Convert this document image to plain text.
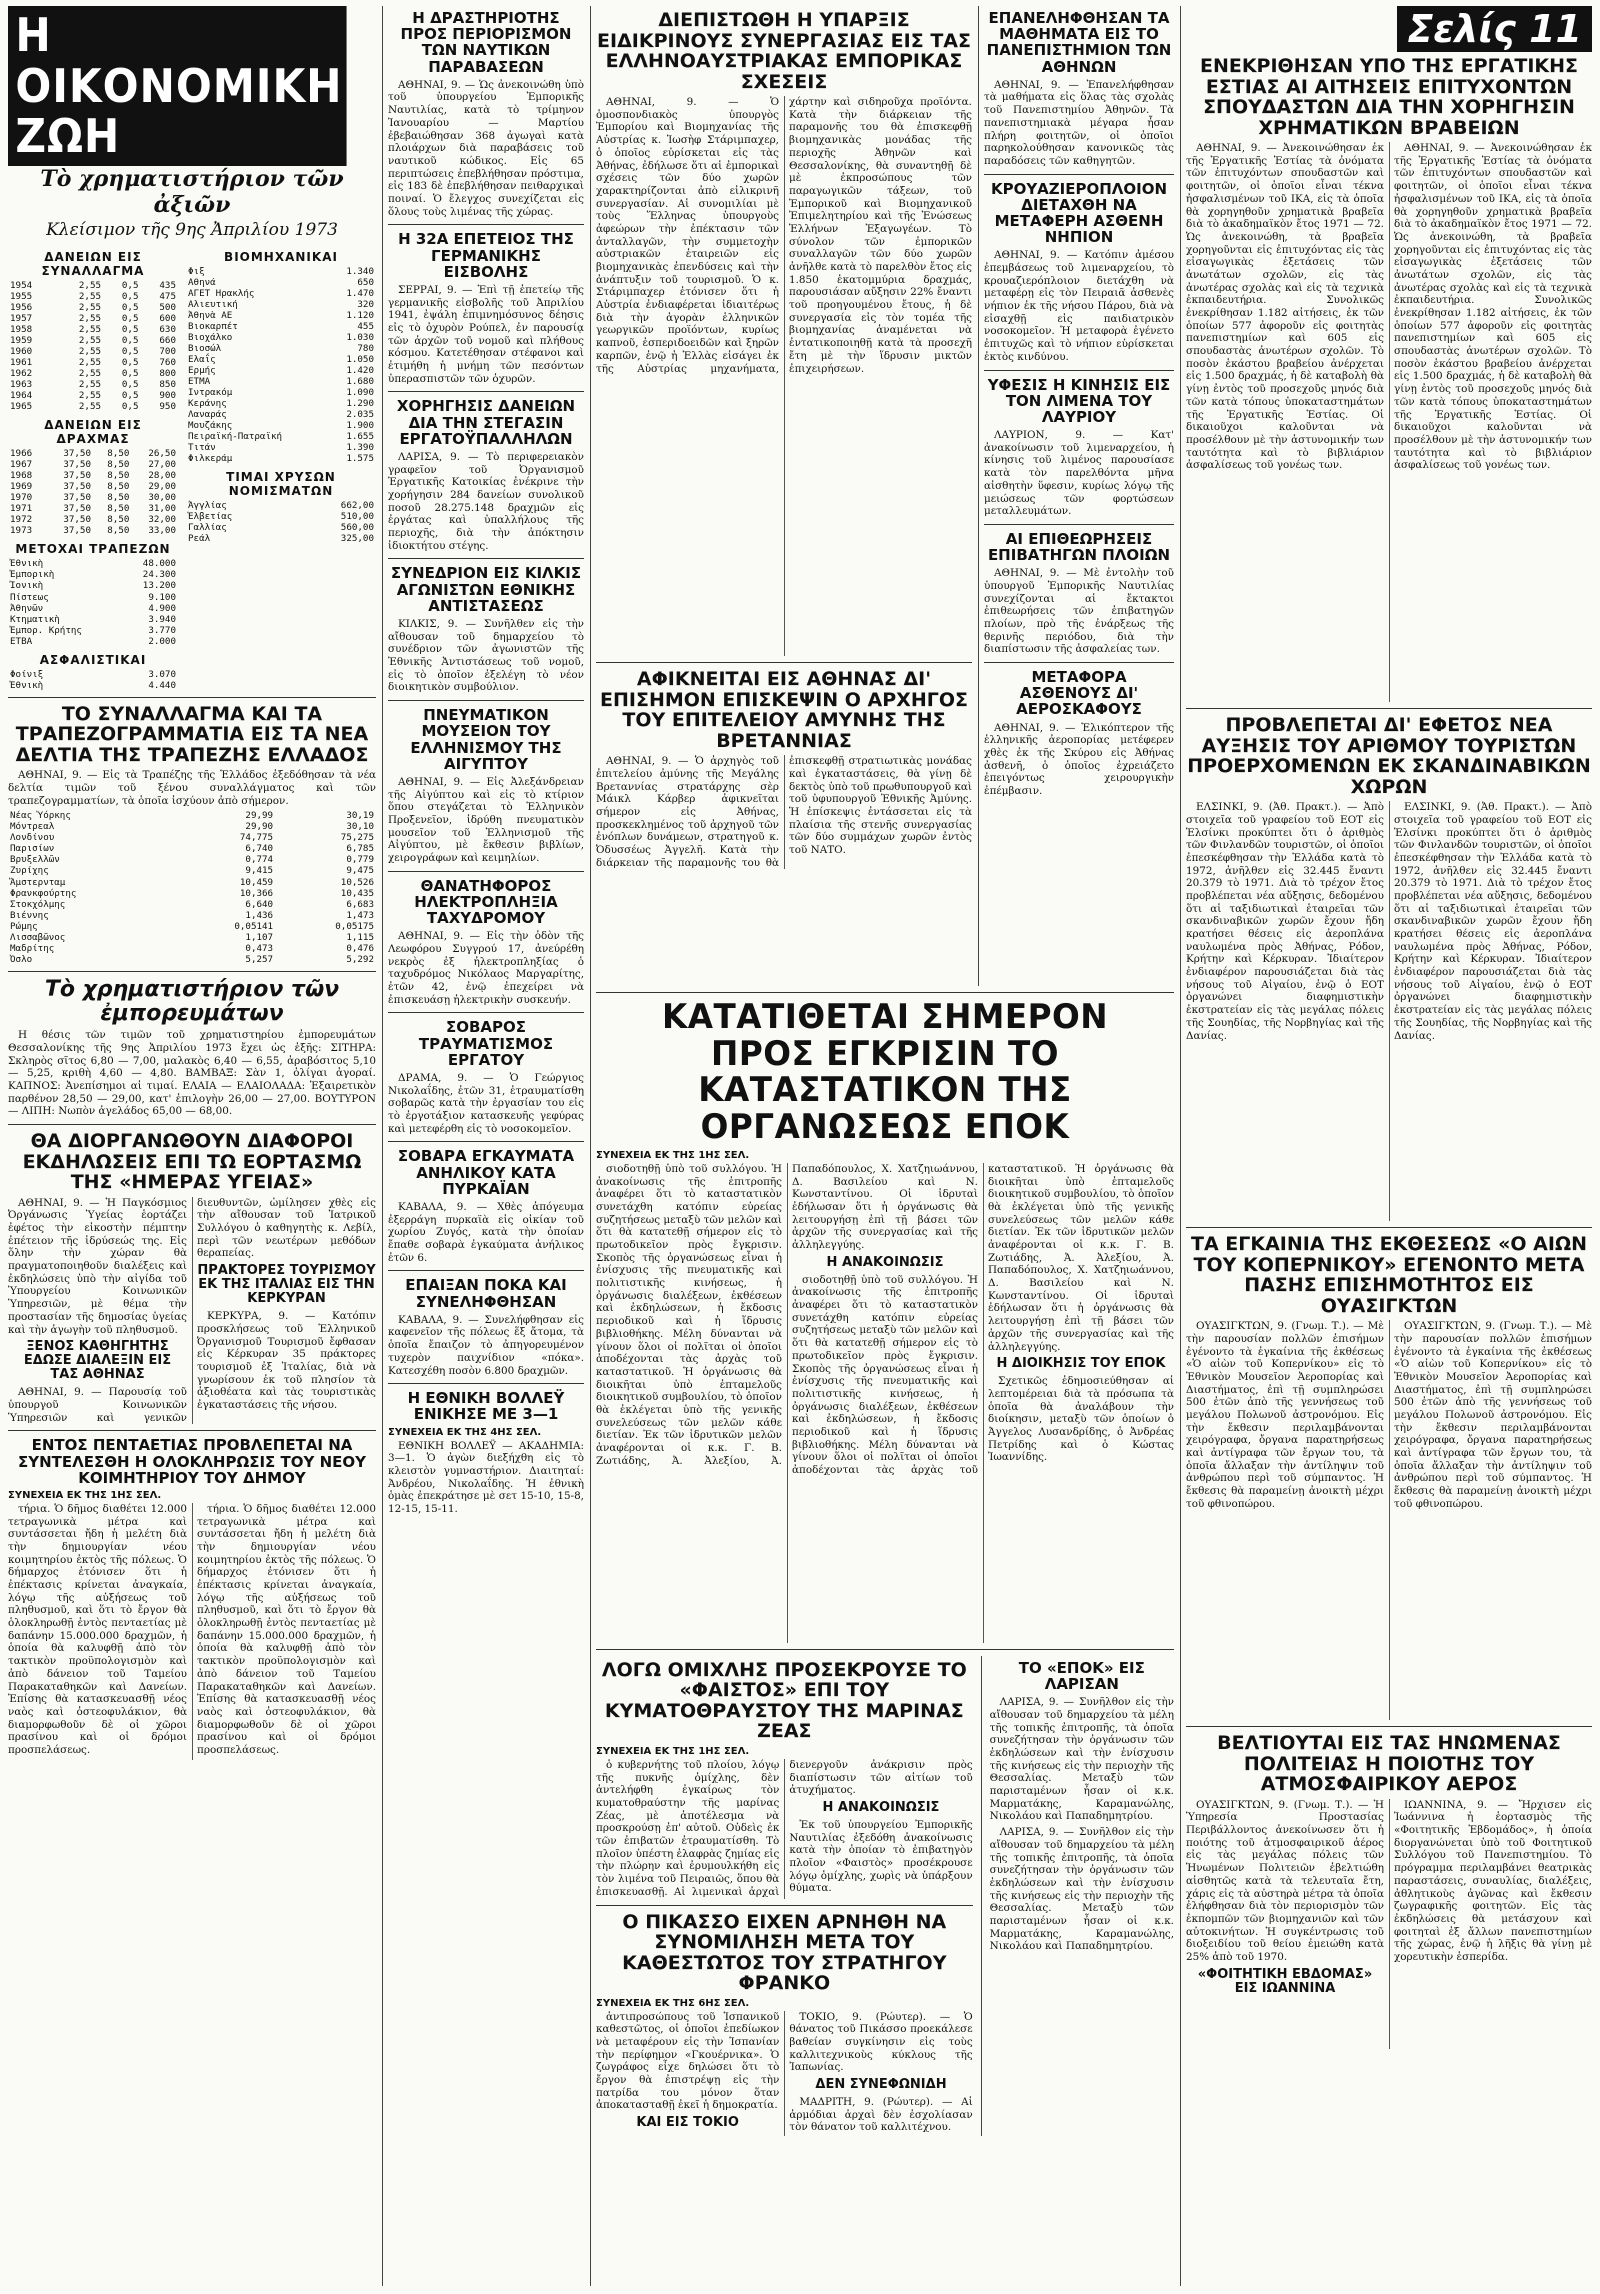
Η ΟΙΚΟΝΟΜΙΚΗ ΖΩΗ
Τὸ χρηματιστήριον τῶν ἀξιῶν
Κλείσιμον τῆς 9ης Ἀπριλίου 1973
ΔΑΝΕΙΩΝ ΕΙΣ ΣΥΝΑΛΛΑΓΜΑ
1954	2,55	0,5	435
1955	2,55	0,5	475
1956	2,55	0,5	500
1957	2,55	0,5	600
1958	2,55	0,5	630
1959	2,55	0,5	660
1960	2,55	0,5	700
1961	2,55	0,5	760
1962	2,55	0,5	800
1963	2,55	0,5	850
1964	2,55	0,5	900
1965	2,55	0,5	950
ΔΑΝΕΙΩΝ ΕΙΣ ΔΡΑΧΜΑΣ
1966	37,50	8,50	26,50
1967	37,50	8,50	27,00
1968	37,50	8,50	28,00
1969	37,50	8,50	29,00
1970	37,50	8,50	30,00
1971	37,50	8,50	31,00
1972	37,50	8,50	32,00
1973	37,50	8,50	33,00
ΜΕΤΟΧΑΙ ΤΡΑΠΕΖΩΝ
Ἐθνικὴ	48.000
Ἐμπορικὴ	24.300
Ἰονικὴ	13.200
Πίστεως	9.100
Ἀθηνῶν	4.900
Κτηματικὴ	3.940
Ἐμπορ. Κρήτης	3.770
ΕΤΒΑ	2.000
ΑΣΦΑΛΙΣΤΙΚΑΙ
Φοίνιξ	3.070
Ἐθνικὴ	4.440
ΒΙΟΜΗΧΑΝΙΚΑΙ
Φιξ	1.340
Αθηνά	650
ΑΓΕΤ Ηρακλής	1.470
Αλιευτική	320
Ἀθηνὰ ΑΕ	1.120
Βιοκαρπέτ	455
Βιοχάλκο	1.030
Βιοσώλ	780
Ελαΐς	1.050
Ερμής	1.420
ΕΤΜΑ	1.680
Ιντρακόμ	1.090
Κεράνης	1.290
Λαναράς	2.035
Μουζάκης	1.900
Πειραϊκή-Πατραϊκή	1.655
Τιτάν	1.390
Φιλκεράμ	1.575
ΤΙΜΑΙ ΧΡΥΣΩΝ ΝΟΜΙΣΜΑΤΩΝ
Ἀγγλίας	662,00
Ἑλβετίας	510,00
Γαλλίας	560,00
Ρεάλ	325,00
ΤΟ ΣΥΝΑΛΛΑΓΜΑ ΚΑΙ ΤΑ ΤΡΑΠΕΖΟΓΡΑΜΜΑΤΙΑ ΕΙΣ ΤΑ ΝΕΑ ΔΕΛΤΙΑ ΤΗΣ ΤΡΑΠΕΖΗΣ ΕΛΛΑΔΟΣ

ΑΘΗΝΑΙ, 9. — Εἰς τὰ Τραπέζης τῆς Ἑλλάδος ἐξεδόθησαν τὰ νέα δελτία τιμῶν τοῦ ξένου συναλλάγματος καὶ τῶν τραπεζογραμματίων, τὰ ὁποῖα ἰσχύουν ἀπὸ σήμερον.

Νέας Ὑόρκης	29,99	30,19
Μόντρεαλ	29,90	30,10
Λονδίνου	74,775	75,275
Παρισίων	6,740	6,785
Βρυξελλῶν	0,774	0,779
Ζυρίχης	9,415	9,475
Ἄμστερνταμ	10,459	10,526
Φρανκφούρτης	10,366	10,435
Στοκχόλμης	6,640	6,683
Βιέννης	1,436	1,473
Ρώμης	0,05141	0,05175
Λισσαβῶνος	1,107	1,115
Μαδρίτης	0,473	0,476
Ὀσλο	5,257	5,292
Τὸ χρηματιστήριον τῶν ἐμπορευμάτων

Η θέσις τῶν τιμῶν τοῦ χρηματιστηρίου ἐμπορευμάτων Θεσσαλονίκης τῆς 9ης Ἀπριλίου 1973 ἔχει ὡς ἑξῆς: ΣΙΤΗΡΑ: Σκληρὸς σῖτος 6,80 — 7,00, μαλακὸς 6,40 — 6,55, ἀραβόσιτος 5,10 — 5,25, κριθὴ 4,60 — 4,80. ΒΑΜΒΑΞ: Σὰν 1, ὀλίγαι ἀγοραί. ΚΑΠΝΟΣ: Ἀνεπίσημοι αἱ τιμαί. ΕΛΑΙΑ — ΕΛΑΙΟΛΑΔΑ: Ἐξαιρετικὸν παρθένον 28,50 — 29,00, κατ' ἐπιλογὴν 26,00 — 27,00. ΒΟΥΤΥΡΟΝ — ΛΙΠΗ: Νωπὸν ἀγελάδος 65,00 — 68,00.

ΘΑ ΔΙΟΡΓΑΝΩΘΟΥΝ ΔΙΑΦΟΡΟΙ ΕΚΔΗΛΩΣΕΙΣ ΕΠΙ ΤΩ ΕΟΡΤΑΣΜΩ ΤΗΣ «ΗΜΕΡΑΣ ΥΓΕΙΑΣ»

ΑΘΗΝΑΙ, 9. — Ἡ Παγκόσμιος Ὀργάνωσις Ὑγείας ἑορτάζει ἐφέτος τὴν εἰκοστὴν πέμπτην ἐπέτειον τῆς ἱδρύσεώς της. Εἰς ὅλην τὴν χώραν θὰ πραγματοποιηθοῦν διαλέξεις καὶ ἐκδηλώσεις ὑπὸ τὴν αἰγίδα τοῦ Ὑπουργείου Κοινωνικῶν Ὑπηρεσιῶν, μὲ θέμα τὴν προστασίαν τῆς δημοσίας ὑγείας καὶ τὴν ἀγωγὴν τοῦ πληθυσμοῦ.

ΞΕΝΟΣ ΚΑΘΗΓΗΤΗΣ ΕΔΩΣΕ ΔΙΑΛΕΞΙΝ ΕΙΣ ΤΑΣ ΑΘΗΝΑΣ

ΑΘΗΝΑΙ, 9. — Παρουσίᾳ τοῦ ὑπουργοῦ Κοινωνικῶν Ὑπηρεσιῶν καὶ γενικῶν διευθυντῶν, ὡμίλησεν χθὲς εἰς τὴν αἴθουσαν τοῦ Ἰατρικοῦ Συλλόγου ὁ καθηγητὴς κ. Λεβίλ, περὶ τῶν νεωτέρων μεθόδων θεραπείας.

ΠΡΑΚΤΟΡΕΣ ΤΟΥΡΙΣΜΟΥ ΕΚ ΤΗΣ ΙΤΑΛΙΑΣ ΕΙΣ ΤΗΝ ΚΕΡΚΥΡΑΝ

ΚΕΡΚΥΡΑ, 9. — Κατόπιν προσκλήσεως τοῦ Ἑλληνικοῦ Ὀργανισμοῦ Τουρισμοῦ ἔφθασαν εἰς Κέρκυραν 35 πράκτορες τουρισμοῦ ἐξ Ἰταλίας, διὰ νὰ γνωρίσουν ἐκ τοῦ πλησίον τὰ ἀξιοθέατα καὶ τὰς τουριστικὰς ἐγκαταστάσεις τῆς νήσου.

ΕΝΤΟΣ ΠΕΝΤΑΕΤΙΑΣ ΠΡΟΒΛΕΠΕΤΑΙ ΝΑ ΣΥΝΤΕΛΕΣΘΗ Η ΟΛΟΚΛΗΡΩΣΙΣ ΤΟΥ ΝΕΟΥ ΚΟΙΜΗΤΗΡΙΟΥ ΤΟΥ ΔΗΜΟΥ
ΣΥΝΕΧΕΙΑ ΕΚ ΤΗΣ 1ΗΣ ΣΕΛ.

τήρια. Ὁ δῆμος διαθέτει 12.000 τετραγωνικὰ μέτρα καὶ συντάσσεται ἤδη ἡ μελέτη διὰ τὴν δημιουργίαν νέου κοιμητηρίου ἐκτὸς τῆς πόλεως. Ὁ δήμαρχος ἐτόνισεν ὅτι ἡ ἐπέκτασις κρίνεται ἀναγκαία, λόγῳ τῆς αὐξήσεως τοῦ πληθυσμοῦ, καὶ ὅτι τὸ ἔργον θὰ ὁλοκληρωθῇ ἐντὸς πενταετίας μὲ δαπάνην 15.000.000 δραχμῶν, ἡ ὁποία θὰ καλυφθῇ ἀπὸ τὸν τακτικὸν προϋπολογισμὸν καὶ ἀπὸ δάνειον τοῦ Ταμείου Παρακαταθηκῶν καὶ Δανείων. Ἐπίσης θὰ κατασκευασθῇ νέος ναὸς καὶ ὀστεοφυλάκιον, θὰ διαμορφωθοῦν δὲ οἱ χῶροι πρασίνου καὶ οἱ δρόμοι προσπελάσεως.

τήρια. Ὁ δῆμος διαθέτει 12.000 τετραγωνικὰ μέτρα καὶ συντάσσεται ἤδη ἡ μελέτη διὰ τὴν δημιουργίαν νέου κοιμητηρίου ἐκτὸς τῆς πόλεως. Ὁ δήμαρχος ἐτόνισεν ὅτι ἡ ἐπέκτασις κρίνεται ἀναγκαία, λόγῳ τῆς αὐξήσεως τοῦ πληθυσμοῦ, καὶ ὅτι τὸ ἔργον θὰ ὁλοκληρωθῇ ἐντὸς πενταετίας μὲ δαπάνην 15.000.000 δραχμῶν, ἡ ὁποία θὰ καλυφθῇ ἀπὸ τὸν τακτικὸν προϋπολογισμὸν καὶ ἀπὸ δάνειον τοῦ Ταμείου Παρακαταθηκῶν καὶ Δανείων. Ἐπίσης θὰ κατασκευασθῇ νέος ναὸς καὶ ὀστεοφυλάκιον, θὰ διαμορφωθοῦν δὲ οἱ χῶροι πρασίνου καὶ οἱ δρόμοι προσπελάσεως.

Η ΔΡΑΣΤΗΡΙΟΤΗΣ ΠΡΟΣ ΠΕΡΙΟΡΙΣΜΟΝ ΤΩΝ ΝΑΥΤΙΚΩΝ ΠΑΡΑΒΑΣΕΩΝ

ΑΘΗΝΑΙ, 9. — Ὡς ἀνεκοινώθη ὑπὸ τοῦ ὑπουργείου Ἐμπορικῆς Ναυτιλίας, κατὰ τὸ τρίμηνον Ἰανουαρίου — Μαρτίου ἐβεβαιώθησαν 368 ἀγωγαὶ κατὰ πλοιάρχων διὰ παραβάσεις τοῦ ναυτικοῦ κώδικος. Εἰς 65 περιπτώσεις ἐπεβλήθησαν πρόστιμα, εἰς 183 δὲ ἐπεβλήθησαν πειθαρχικαὶ ποιναί. Ὁ ἔλεγχος συνεχίζεται εἰς ὅλους τοὺς λιμένας τῆς χώρας.

Η 32Α ΕΠΕΤΕΙΟΣ ΤΗΣ ΓΕΡΜΑΝΙΚΗΣ ΕΙΣΒΟΛΗΣ

ΣΕΡΡΑΙ, 9. — Ἐπὶ τῇ ἐπετείῳ τῆς γερμανικῆς εἰσβολῆς τοῦ Ἀπριλίου 1941, ἐψάλη ἐπιμνημόσυνος δέησις εἰς τὸ ὀχυρὸν Ρούπελ, ἐν παρουσίᾳ τῶν ἀρχῶν τοῦ νομοῦ καὶ πλήθους κόσμου. Κατετέθησαν στέφανοι καὶ ἐτιμήθη ἡ μνήμη τῶν πεσόντων ὑπερασπιστῶν τῶν ὀχυρῶν.

ΧΟΡΗΓΗΣΙΣ ΔΑΝΕΙΩΝ ΔΙΑ ΤΗΝ ΣΤΕΓΑΣΙΝ ΕΡΓΑΤΟΫΠΑΛΛΗΛΩΝ

ΛΑΡΙΣΑ, 9. — Τὸ περιφερειακὸν γραφεῖον τοῦ Ὀργανισμοῦ Ἐργατικῆς Κατοικίας ἐνέκρινε τὴν χορήγησιν 284 δανείων συνολικοῦ ποσοῦ 28.275.148 δραχμῶν εἰς ἐργάτας καὶ ὑπαλλήλους τῆς περιοχῆς, διὰ τὴν ἀπόκτησιν ἰδιοκτήτου στέγης.

ΣΥΝΕΔΡΙΟΝ ΕΙΣ ΚΙΛΚΙΣ ΑΓΩΝΙΣΤΩΝ ΕΘΝΙΚΗΣ ΑΝΤΙΣΤΑΣΕΩΣ

ΚΙΛΚΙΣ, 9. — Συνῆλθεν εἰς τὴν αἴθουσαν τοῦ δημαρχείου τὸ συνέδριον τῶν ἀγωνιστῶν τῆς Ἐθνικῆς Ἀντιστάσεως τοῦ νομοῦ, εἰς τὸ ὁποῖον ἐξελέγη τὸ νέον διοικητικὸν συμβούλιον.

ΠΝΕΥΜΑΤΙΚΟΝ ΜΟΥΣΕΙΟΝ ΤΟΥ ΕΛΛΗΝΙΣΜΟΥ ΤΗΣ ΑΙΓΥΠΤΟΥ

ΑΘΗΝΑΙ, 9. — Εἰς Ἀλεξάνδρειαν τῆς Αἰγύπτου καὶ εἰς τὸ κτίριον ὅπου στεγάζεται τὸ Ἑλληνικὸν Προξενεῖον, ἱδρύθη πνευματικὸν μουσεῖον τοῦ Ἑλληνισμοῦ τῆς Αἰγύπτου, μὲ ἔκθεσιν βιβλίων, χειρογράφων καὶ κειμηλίων.

ΘΑΝΑΤΗΦΟΡΟΣ ΗΛΕΚΤΡΟΠΛΗΞΙΑ ΤΑΧΥΔΡΟΜΟΥ

ΑΘΗΝΑΙ, 9. — Εἰς τὴν ὁδὸν τῆς Λεωφόρου Συγγρού 17, ἀνεύρέθη νεκρὸς ἐξ ἠλεκτροπληξίας ὁ ταχυδρόμος Νικόλαος Μαργαρίτης, ἐτῶν 42, ἐνῷ ἐπεχείρει νὰ ἐπισκευάσῃ ἠλεκτρικὴν συσκευήν.

ΣΟΒΑΡΟΣ ΤΡΑΥΜΑΤΙΣΜΟΣ ΕΡΓΑΤΟΥ

ΔΡΑΜΑ, 9. — Ὁ Γεώργιος Νικολαΐδης, ἐτῶν 31, ἐτραυματίσθη σοβαρῶς κατὰ τὴν ἐργασίαν του εἰς τὸ ἐργοτάξιον κατασκευῆς γεφύρας καὶ μετεφέρθη εἰς τὸ νοσοκομεῖον.

ΣΟΒΑΡΑ ΕΓΚΑΥΜΑΤΑ ΑΝΗΛΙΚΟΥ ΚΑΤΑ ΠΥΡΚΑΪΑΝ

ΚΑΒΑΛΑ, 9. — Χθὲς ἀπόγευμα ἐξερράγη πυρκαϊὰ εἰς οἰκίαν τοῦ χωρίου Ζυγός, κατὰ τὴν ὁποίαν ἔπαθε σοβαρὰ ἐγκαύματα ἀνήλικος ἐτῶν 6.

ΕΠΑΙΞΑΝ ΠΟΚΑ ΚΑΙ ΣΥΝΕΛΗΦΘΗΣΑΝ

ΚΑΒΑΛΑ, 9. — Συνελήφθησαν εἰς καφενεῖον τῆς πόλεως ἕξ ἄτομα, τὰ ὁποῖα ἔπαιζον τὸ ἀπηγορευμένον τυχερὸν παιχνίδιον «πόκα». Κατεσχέθη ποσὸν 6.800 δραχμῶν.

Η ΕΘΝΙΚΗ ΒΟΛΛΕΫ ΕΝΙΚΗΣΕ ΜΕ 3—1
ΣΥΝΕΧΕΙΑ ΕΚ ΤΗΣ 4ΗΣ ΣΕΛ.

ΕΘΝΙΚΗ ΒΟΛΛΕΫ — ΑΚΑΔΗΜΙΑ: 3—1. Ὁ ἀγὼν διεξήχθη εἰς τὸ κλειστὸν γυμναστήριον. Διαιτηταί: Ἀνδρέου, Νικολαΐδης. Ἡ ἐθνικὴ ὁμὰς ἐπεκράτησε μὲ σετ 15-10, 15-8, 12-15, 15-11.

ΔΙΕΠΙΣΤΩΘΗ Η ΥΠΑΡΞΙΣ ΕΙΔΙΚΡΙΝΟΥΣ ΣΥΝΕΡΓΑΣΙΑΣ ΕΙΣ ΤΑΣ ΕΛΛΗΝΟΑΥΣΤΡΙΑΚΑΣ ΕΜΠΟΡΙΚΑΣ ΣΧΕΣΕΙΣ

ΑΘΗΝΑΙ, 9. — Ὁ ὁμοσπονδιακὸς ὑπουργὸς Ἐμπορίου καὶ Βιομηχανίας τῆς Αὐστρίας κ. Ἰωσὴφ Στάριμπαχερ, ὁ ὁποῖος εὑρίσκεται εἰς τὰς Ἀθήνας, ἐδήλωσε ὅτι αἱ ἐμπορικαὶ σχέσεις τῶν δύο χωρῶν χαρακτηρίζονται ἀπὸ εἰλικρινῆ συνεργασίαν. Αἱ συνομιλίαι μὲ τοὺς Ἕλληνας ὑπουργοὺς ἀφεώρων τὴν ἐπέκτασιν τῶν ἀνταλλαγῶν, τὴν συμμετοχὴν αὐστριακῶν ἑταιρειῶν εἰς βιομηχανικὰς ἐπενδύσεις καὶ τὴν ἀνάπτυξιν τοῦ τουρισμοῦ. Ὁ κ. Στάριμπαχερ ἐτόνισεν ὅτι ἡ Αὐστρία ἐνδιαφέρεται ἰδιαιτέρως διὰ τὴν ἀγορὰν ἑλληνικῶν γεωργικῶν προϊόντων, κυρίως καπνοῦ, ἐσπεριδοειδῶν καὶ ξηρῶν καρπῶν, ἐνῷ ἡ Ἑλλὰς εἰσάγει ἐκ τῆς Αὐστρίας μηχανήματα, χάρτην καὶ σιδηροῦχα προϊόντα. Κατὰ τὴν διάρκειαν τῆς παραμονῆς του θὰ ἐπισκεφθῇ βιομηχανικὰς μονάδας τῆς περιοχῆς Ἀθηνῶν καὶ Θεσσαλονίκης, θὰ συναντηθῇ δὲ μὲ ἐκπροσώπους τῶν παραγωγικῶν τάξεων, τοῦ Ἐμπορικοῦ καὶ Βιομηχανικοῦ Ἐπιμελητηρίου καὶ τῆς Ἐνώσεως Ἑλλήνων Ἐξαγωγέων. Τὸ σύνολον τῶν ἐμπορικῶν συναλλαγῶν τῶν δύο χωρῶν ἀνῆλθε κατὰ τὸ παρελθὸν ἔτος εἰς 1.850 ἑκατομμύρια δραχμάς, παρουσιάσαν αὔξησιν 22% ἔναντι τοῦ προηγουμένου ἔτους, ἡ δὲ συνεργασία εἰς τὸν τομέα τῆς βιομηχανίας ἀναμένεται νὰ ἐντατικοποιηθῇ κατὰ τὰ προσεχῆ ἔτη μὲ τὴν ἵδρυσιν μικτῶν ἐπιχειρήσεων.

ΑΦΙΚΝΕΙΤΑΙ ΕΙΣ ΑΘΗΝΑΣ ΔΙ' ΕΠΙΣΗΜΟΝ ΕΠΙΣΚΕΨΙΝ Ο ΑΡΧΗΓΟΣ ΤΟΥ ΕΠΙΤΕΛΕΙΟΥ ΑΜΥΝΗΣ ΤΗΣ ΒΡΕΤΑΝΝΙΑΣ

ΑΘΗΝΑΙ, 9. — Ὁ ἀρχηγὸς τοῦ ἐπιτελείου ἀμύνης τῆς Μεγάλης Βρεταννίας στρατάρχης σὲρ Μάικλ Κάρβερ ἀφικνεῖται σήμερον εἰς Ἀθήνας, προσκεκλημένος τοῦ ἀρχηγοῦ τῶν ἐνόπλων δυνάμεων, στρατηγοῦ κ. Ὀδυσσέως Ἀγγελῆ. Κατὰ τὴν διάρκειαν τῆς παραμονῆς του θὰ ἐπισκεφθῇ στρατιωτικὰς μονάδας καὶ ἐγκαταστάσεις, θὰ γίνῃ δὲ δεκτὸς ὑπὸ τοῦ πρωθυπουργοῦ καὶ τοῦ ὑφυπουργοῦ Ἐθνικῆς Ἀμύνης. Ἡ ἐπίσκεψις ἐντάσσεται εἰς τὰ πλαίσια τῆς στενῆς συνεργασίας τῶν δύο συμμάχων χωρῶν ἐντὸς τοῦ ΝΑΤΟ.

ΕΠΑΝΕΛΗΦΘΗΣΑΝ ΤΑ ΜΑΘΗΜΑΤΑ ΕΙΣ ΤΟ ΠΑΝΕΠΙΣΤΗΜΙΟΝ ΤΩΝ ΑΘΗΝΩΝ

ΑΘΗΝΑΙ, 9. — Ἐπανελήφθησαν τὰ μαθήματα εἰς ὅλας τὰς σχολὰς τοῦ Πανεπιστημίου Ἀθηνῶν. Τὰ πανεπιστημιακὰ μέγαρα ἦσαν πλήρη φοιτητῶν, οἱ ὁποῖοι παρηκολούθησαν κανονικῶς τὰς παραδόσεις τῶν καθηγητῶν.

ΚΡΟΥΑΖΙΕΡΟΠΛΟΙΟΝ ΔΙΕΤΑΧΘΗ ΝΑ ΜΕΤΑΦΕΡΗ ΑΣΘΕΝΗ ΝΗΠΙΟΝ

ΑΘΗΝΑΙ, 9. — Κατόπιν ἀμέσου ἐπεμβάσεως τοῦ λιμεναρχείου, τὸ κρουαζιερόπλοιον διετάχθη νὰ μεταφέρῃ εἰς τὸν Πειραιᾶ ἀσθενὲς νήπιον ἐκ τῆς νήσου Πάρου, διὰ νὰ εἰσαχθῇ εἰς παιδιατρικὸν νοσοκομεῖον. Ἡ μεταφορὰ ἐγένετο ἐπιτυχῶς καὶ τὸ νήπιον εὑρίσκεται ἐκτὸς κινδύνου.

ΥΦΕΣΙΣ Η ΚΙΝΗΣΙΣ ΕΙΣ ΤΟΝ ΛΙΜΕΝΑ ΤΟΥ ΛΑΥΡΙΟΥ

ΛΑΥΡΙΟΝ, 9. — Κατ' ἀνακοίνωσιν τοῦ λιμεναρχείου, ἡ κίνησις τοῦ λιμένος παρουσίασε κατὰ τὸν παρελθόντα μῆνα αἰσθητὴν ὕφεσιν, κυρίως λόγῳ τῆς μειώσεως τῶν φορτώσεων μεταλλευμάτων.

ΑΙ ΕΠΙΘΕΩΡΗΣΕΙΣ ΕΠΙΒΑΤΗΓΩΝ ΠΛΟΙΩΝ

ΑΘΗΝΑΙ, 9. — Μὲ ἐντολὴν τοῦ ὑπουργοῦ Ἐμπορικῆς Ναυτιλίας συνεχίζονται αἱ ἔκτακτοι ἐπιθεωρήσεις τῶν ἐπιβατηγῶν πλοίων, πρὸ τῆς ἐνάρξεως τῆς θερινῆς περιόδου, διὰ τὴν διαπίστωσιν τῆς ἀσφαλείας των.

ΜΕΤΑΦΟΡΑ ΑΣΘΕΝΟΥΣ ΔΙ' ΑΕΡΟΣΚΑΦΟΥΣ

ΑΘΗΝΑΙ, 9. — Ἑλικόπτερον τῆς ἑλληνικῆς ἀεροπορίας μετέφερεν χθὲς ἐκ τῆς Σκύρου εἰς Ἀθήνας ἀσθενῆ, ὁ ὁποῖος ἐχρειάζετο ἐπειγόντως χειρουργικὴν ἐπέμβασιν.

ΚΑΤΑΤΙΘΕΤΑΙ ΣΗΜΕΡΟΝ ΠΡΟΣ ΕΓΚΡΙΣΙΝ ΤΟ ΚΑΤΑΣΤΑΤΙΚΟΝ ΤΗΣ ΟΡΓΑΝΩΣΕΩΣ ΕΠΟΚ
ΣΥΝΕΧΕΙΑ ΕΚ ΤΗΣ 1ΗΣ ΣΕΛ.

σιοδοτηθῇ ὑπὸ τοῦ συλλόγου. Ἡ ἀνακοίνωσις τῆς ἐπιτροπῆς ἀναφέρει ὅτι τὸ καταστατικὸν συνετάχθη κατόπιν εὐρείας συζητήσεως μεταξὺ τῶν μελῶν καὶ ὅτι θὰ κατατεθῇ σήμερον εἰς τὸ πρωτοδικεῖον πρὸς ἔγκρισιν. Σκοπὸς τῆς ὀργανώσεως εἶναι ἡ ἐνίσχυσις τῆς πνευματικῆς καὶ πολιτιστικῆς κινήσεως, ἡ ὀργάνωσις διαλέξεων, ἐκθέσεων καὶ ἐκδηλώσεων, ἡ ἔκδοσις περιοδικοῦ καὶ ἡ ἵδρυσις βιβλιοθήκης. Μέλη δύνανται νὰ γίνουν ὅλοι οἱ πολῖται οἱ ὁποῖοι ἀποδέχονται τὰς ἀρχὰς τοῦ καταστατικοῦ. Ἡ ὀργάνωσις θὰ διοικῆται ὑπὸ ἑπταμελοῦς διοικητικοῦ συμβουλίου, τὸ ὁποῖον θὰ ἐκλέγεται ὑπὸ τῆς γενικῆς συνελεύσεως τῶν μελῶν κάθε διετίαν. Ἐκ τῶν ἱδρυτικῶν μελῶν ἀναφέρονται οἱ κ.κ. Γ. Β. Ζωτιάδης, Ἀ. Ἀλεξίου, Ἀ. Παπαδόπουλος, Χ. Χατζηιωάννου, Δ. Βασιλείου καὶ Ν. Κωνσταντίνου. Οἱ ἱδρυταὶ ἐδήλωσαν ὅτι ἡ ὀργάνωσις θὰ λειτουργήσῃ ἐπὶ τῇ βάσει τῶν ἀρχῶν τῆς συνεργασίας καὶ τῆς ἀλληλεγγύης.

Η ΑΝΑΚΟΙΝΩΣΙΣ

σιοδοτηθῇ ὑπὸ τοῦ συλλόγου. Ἡ ἀνακοίνωσις τῆς ἐπιτροπῆς ἀναφέρει ὅτι τὸ καταστατικὸν συνετάχθη κατόπιν εὐρείας συζητήσεως μεταξὺ τῶν μελῶν καὶ ὅτι θὰ κατατεθῇ σήμερον εἰς τὸ πρωτοδικεῖον πρὸς ἔγκρισιν. Σκοπὸς τῆς ὀργανώσεως εἶναι ἡ ἐνίσχυσις τῆς πνευματικῆς καὶ πολιτιστικῆς κινήσεως, ἡ ὀργάνωσις διαλέξεων, ἐκθέσεων καὶ ἐκδηλώσεων, ἡ ἔκδοσις περιοδικοῦ καὶ ἡ ἵδρυσις βιβλιοθήκης. Μέλη δύνανται νὰ γίνουν ὅλοι οἱ πολῖται οἱ ὁποῖοι ἀποδέχονται τὰς ἀρχὰς τοῦ καταστατικοῦ. Ἡ ὀργάνωσις θὰ διοικῆται ὑπὸ ἑπταμελοῦς διοικητικοῦ συμβουλίου, τὸ ὁποῖον θὰ ἐκλέγεται ὑπὸ τῆς γενικῆς συνελεύσεως τῶν μελῶν κάθε διετίαν. Ἐκ τῶν ἱδρυτικῶν μελῶν ἀναφέρονται οἱ κ.κ. Γ. Β. Ζωτιάδης, Ἀ. Ἀλεξίου, Ἀ. Παπαδόπουλος, Χ. Χατζηιωάννου, Δ. Βασιλείου καὶ Ν. Κωνσταντίνου. Οἱ ἱδρυταὶ ἐδήλωσαν ὅτι ἡ ὀργάνωσις θὰ λειτουργήσῃ ἐπὶ τῇ βάσει τῶν ἀρχῶν τῆς συνεργασίας καὶ τῆς ἀλληλεγγύης.

Η ΔΙΟΙΚΗΣΙΣ ΤΟΥ ΕΠΟΚ

Σχετικῶς ἐδημοσιεύθησαν αἱ λεπτομέρειαι διὰ τὰ πρόσωπα τὰ ὁποῖα θὰ ἀναλάβουν τὴν διοίκησιν, μεταξὺ τῶν ὁποίων ὁ Ἀγγελος Λυσανδρίδης, ὁ Ἀνδρέας Πετρίδης καὶ ὁ Κώστας Ἰωαννίδης.

ΛΟΓΩ ΟΜΙΧΛΗΣ ΠΡΟΣΕΚΡΟΥΣΕ ΤΟ «ΦΑΙΣΤΟΣ» ΕΠΙ ΤΟΥ ΚΥΜΑΤΟΘΡΑΥΣΤΟΥ ΤΗΣ ΜΑΡΙΝΑΣ ΖΕΑΣ
ΣΥΝΕΧΕΙΑ ΕΚ ΤΗΣ 1ΗΣ ΣΕΛ.

ὁ κυβερνήτης τοῦ πλοίου, λόγῳ τῆς πυκνῆς ὁμίχλης, δὲν ἀντελήφθη ἐγκαίρως τὸν κυματοθραύστην τῆς μαρίνας Ζέας, μὲ ἀποτέλεσμα νὰ προσκρούσῃ ἐπ' αὐτοῦ. Οὐδεὶς ἐκ τῶν ἐπιβατῶν ἐτραυματίσθη. Τὸ πλοῖον ὑπέστη ἐλαφρὰς ζημίας εἰς τὴν πλώρην καὶ ἐρυμουλκήθη εἰς τὸν λιμένα τοῦ Πειραιῶς, ὅπου θὰ ἐπισκευασθῇ. Αἱ λιμενικαὶ ἀρχαὶ διενεργοῦν ἀνάκρισιν πρὸς διαπίστωσιν τῶν αἰτίων τοῦ ἀτυχήματος.

Η ΑΝΑΚΟΙΝΩΣΙΣ

Ἐκ τοῦ ὑπουργείου Ἐμπορικῆς Ναυτιλίας ἐξεδόθη ἀνακοίνωσις κατὰ τὴν ὁποίαν τὸ ἐπιβατηγὸν πλοῖον «Φαιστὸς» προσέκρουσε λόγῳ ὁμίχλης, χωρὶς νὰ ὑπάρξουν θύματα.

Ο ΠΙΚΑΣΣΟ ΕΙΧΕΝ ΑΡΝΗΘΗ ΝΑ ΣΥΝΟΜΙΛΗΣΗ ΜΕΤΑ ΤΟΥ ΚΑΘΕΣΤΩΤΟΣ ΤΟΥ ΣΤΡΑΤΗΓΟΥ ΦΡΑΝΚΟ
ΣΥΝΕΧΕΙΑ ΕΚ ΤΗΣ 6ΗΣ ΣΕΛ.

ἀντιπροσώπους τοῦ Ἰσπανικοῦ καθεστῶτος, οἱ ὁποῖοι ἐπεδίωκον νὰ μεταφέρουν εἰς τὴν Ἰσπανίαν τὴν περίφημον «Γκουέρνικα». Ὁ ζωγράφος εἶχε δηλώσει ὅτι τὸ ἔργον θὰ ἐπιστρέψῃ εἰς τὴν πατρίδα του μόνον ὅταν ἀποκατασταθῇ ἐκεῖ ἡ δημοκρατία.

ΚΑΙ ΕΙΣ ΤΟΚΙΟ

ΤΟΚΙΟ, 9. (Ρώυτερ). — Ὁ θάνατος τοῦ Πικάσσο προεκάλεσε βαθείαν συγκίνησιν εἰς τοὺς καλλιτεχνικοὺς κύκλους τῆς Ἰαπωνίας.

ΔΕΝ ΣΥΝΕΦΩΝΙΔΗ

ΜΑΔΡΙΤΗ, 9. (Ρώυτερ). — Αἱ ἀρμόδιαι ἀρχαὶ δὲν ἐσχολίασαν τὸν θάνατον τοῦ καλλιτέχνου.

ΤΟ «ΕΠΟΚ» ΕΙΣ ΛΑΡΙΣΑΝ

ΛΑΡΙΣΑ, 9. — Συνῆλθον εἰς τὴν αἴθουσαν τοῦ δημαρχείου τὰ μέλη τῆς τοπικῆς ἐπιτροπῆς, τὰ ὁποῖα συνεζήτησαν τὴν ὀργάνωσιν τῶν ἐκδηλώσεων καὶ τὴν ἐνίσχυσιν τῆς κινήσεως εἰς τὴν περιοχὴν τῆς Θεσσαλίας. Μεταξὺ τῶν παρισταμένων ἦσαν οἱ κ.κ. Μαρματάκης, Καραμανώλης, Νικολάου καὶ Παπαδημητρίου.

ΛΑΡΙΣΑ, 9. — Συνῆλθον εἰς τὴν αἴθουσαν τοῦ δημαρχείου τὰ μέλη τῆς τοπικῆς ἐπιτροπῆς, τὰ ὁποῖα συνεζήτησαν τὴν ὀργάνωσιν τῶν ἐκδηλώσεων καὶ τὴν ἐνίσχυσιν τῆς κινήσεως εἰς τὴν περιοχὴν τῆς Θεσσαλίας. Μεταξὺ τῶν παρισταμένων ἦσαν οἱ κ.κ. Μαρματάκης, Καραμανώλης, Νικολάου καὶ Παπαδημητρίου.

Σελίς 11
ΕΝΕΚΡΙΘΗΣΑΝ ΥΠΟ ΤΗΣ ΕΡΓΑΤΙΚΗΣ ΕΣΤΙΑΣ ΑΙ ΑΙΤΗΣΕΙΣ ΕΠΙΤΥΧΟΝΤΩΝ ΣΠΟΥΔΑΣΤΩΝ ΔΙΑ ΤΗΝ ΧΟΡΗΓΗΣΙΝ ΧΡΗΜΑΤΙΚΩΝ ΒΡΑΒΕΙΩΝ

ΑΘΗΝΑΙ, 9. — Ἀνεκοινώθησαν ἐκ τῆς Ἐργατικῆς Ἑστίας τὰ ὀνόματα τῶν ἐπιτυχόντων σπουδαστῶν καὶ φοιτητῶν, οἱ ὁποῖοι εἶναι τέκνα ἠσφαλισμένων τοῦ ΙΚΑ, εἰς τὰ ὁποῖα θὰ χορηγηθοῦν χρηματικὰ βραβεῖα διὰ τὸ ἀκαδημαϊκὸν ἔτος 1971 — 72. Ὡς ἀνεκοινώθη, τὰ βραβεῖα χορηγοῦνται εἰς ἐπιτυχόντας εἰς τὰς εἰσαγωγικὰς ἐξετάσεις τῶν ἀνωτάτων σχολῶν, εἰς τὰς ἀνωτέρας σχολὰς καὶ εἰς τὰ τεχνικὰ ἐκπαιδευτήρια. Συνολικῶς ἐνεκρίθησαν 1.182 αἰτήσεις, ἐκ τῶν ὁποίων 577 ἀφοροῦν εἰς φοιτητὰς πανεπιστημίων καὶ 605 εἰς σπουδαστὰς ἀνωτέρων σχολῶν. Τὸ ποσὸν ἑκάστου βραβείου ἀνέρχεται εἰς 1.500 δραχμάς, ἡ δὲ καταβολὴ θὰ γίνῃ ἐντὸς τοῦ προσεχοῦς μηνός διὰ τῶν κατὰ τόπους ὑποκαταστημάτων τῆς Ἐργατικῆς Ἑστίας. Οἱ δικαιοῦχοι καλοῦνται νὰ προσέλθουν μὲ τὴν ἀστυνομικήν των ταυτότητα καὶ τὸ βιβλιάριον ἀσφαλίσεως τοῦ γονέως των.

ΑΘΗΝΑΙ, 9. — Ἀνεκοινώθησαν ἐκ τῆς Ἐργατικῆς Ἑστίας τὰ ὀνόματα τῶν ἐπιτυχόντων σπουδαστῶν καὶ φοιτητῶν, οἱ ὁποῖοι εἶναι τέκνα ἠσφαλισμένων τοῦ ΙΚΑ, εἰς τὰ ὁποῖα θὰ χορηγηθοῦν χρηματικὰ βραβεῖα διὰ τὸ ἀκαδημαϊκὸν ἔτος 1971 — 72. Ὡς ἀνεκοινώθη, τὰ βραβεῖα χορηγοῦνται εἰς ἐπιτυχόντας εἰς τὰς εἰσαγωγικὰς ἐξετάσεις τῶν ἀνωτάτων σχολῶν, εἰς τὰς ἀνωτέρας σχολὰς καὶ εἰς τὰ τεχνικὰ ἐκπαιδευτήρια. Συνολικῶς ἐνεκρίθησαν 1.182 αἰτήσεις, ἐκ τῶν ὁποίων 577 ἀφοροῦν εἰς φοιτητὰς πανεπιστημίων καὶ 605 εἰς σπουδαστὰς ἀνωτέρων σχολῶν. Τὸ ποσὸν ἑκάστου βραβείου ἀνέρχεται εἰς 1.500 δραχμάς, ἡ δὲ καταβολὴ θὰ γίνῃ ἐντὸς τοῦ προσεχοῦς μηνός διὰ τῶν κατὰ τόπους ὑποκαταστημάτων τῆς Ἐργατικῆς Ἑστίας. Οἱ δικαιοῦχοι καλοῦνται νὰ προσέλθουν μὲ τὴν ἀστυνομικήν των ταυτότητα καὶ τὸ βιβλιάριον ἀσφαλίσεως τοῦ γονέως των.

ΠΡΟΒΛΕΠΕΤΑΙ ΔΙ' ΕΦΕΤΟΣ ΝΕΑ ΑΥΞΗΣΙΣ ΤΟΥ ΑΡΙΘΜΟΥ ΤΟΥΡΙΣΤΩΝ ΠΡΟΕΡΧΟΜΕΝΩΝ ΕΚ ΣΚΑΝΔΙΝΑΒΙΚΩΝ ΧΩΡΩΝ

ΕΛΣΙΝΚΙ, 9. (Ἀθ. Πρακτ.). — Ἀπὸ στοιχεῖα τοῦ γραφείου τοῦ ΕΟΤ εἰς Ἑλσίνκι προκύπτει ὅτι ὁ ἀριθμὸς τῶν Φινλανδῶν τουριστῶν, οἱ ὁποῖοι ἐπεσκέφθησαν τὴν Ἑλλάδα κατὰ τὸ 1972, ἀνῆλθεν εἰς 32.445 ἔναντι 20.379 τὸ 1971. Διὰ τὸ τρέχον ἔτος προβλέπεται νέα αὔξησις, δεδομένου ὅτι αἱ ταξιδιωτικαὶ ἑταιρεῖαι τῶν σκανδιναβικῶν χωρῶν ἔχουν ἤδη κρατήσει θέσεις εἰς ἀεροπλάνα ναυλωμένα πρὸς Ἀθήνας, Ρόδον, Κρήτην καὶ Κέρκυραν. Ἰδιαίτερον ἐνδιαφέρον παρουσιάζεται διὰ τὰς νήσους τοῦ Αἰγαίου, ἐνῷ ὁ ΕΟΤ ὀργανώνει διαφημιστικὴν ἐκστρατείαν εἰς τὰς μεγάλας πόλεις τῆς Σουηδίας, τῆς Νορβηγίας καὶ τῆς Δανίας.

ΕΛΣΙΝΚΙ, 9. (Ἀθ. Πρακτ.). — Ἀπὸ στοιχεῖα τοῦ γραφείου τοῦ ΕΟΤ εἰς Ἑλσίνκι προκύπτει ὅτι ὁ ἀριθμὸς τῶν Φινλανδῶν τουριστῶν, οἱ ὁποῖοι ἐπεσκέφθησαν τὴν Ἑλλάδα κατὰ τὸ 1972, ἀνῆλθεν εἰς 32.445 ἔναντι 20.379 τὸ 1971. Διὰ τὸ τρέχον ἔτος προβλέπεται νέα αὔξησις, δεδομένου ὅτι αἱ ταξιδιωτικαὶ ἑταιρεῖαι τῶν σκανδιναβικῶν χωρῶν ἔχουν ἤδη κρατήσει θέσεις εἰς ἀεροπλάνα ναυλωμένα πρὸς Ἀθήνας, Ρόδον, Κρήτην καὶ Κέρκυραν. Ἰδιαίτερον ἐνδιαφέρον παρουσιάζεται διὰ τὰς νήσους τοῦ Αἰγαίου, ἐνῷ ὁ ΕΟΤ ὀργανώνει διαφημιστικὴν ἐκστρατείαν εἰς τὰς μεγάλας πόλεις τῆς Σουηδίας, τῆς Νορβηγίας καὶ τῆς Δανίας.

ΤΑ ΕΓΚΑΙΝΙΑ ΤΗΣ ΕΚΘΕΣΕΩΣ «Ο ΑΙΩΝ ΤΟΥ ΚΟΠΕΡΝΙΚΟΥ» ΕΓΕΝΟΝΤΟ ΜΕΤΑ ΠΑΣΗΣ ΕΠΙΣΗΜΟΤΗΤΟΣ ΕΙΣ ΟΥΑΣΙΓΚΤΩΝ

ΟΥΑΣΙΓΚΤΩΝ, 9. (Γνωμ. Τ.). — Μὲ τὴν παρουσίαν πολλῶν ἐπισήμων ἐγένοντο τὰ ἐγκαίνια τῆς ἐκθέσεως «Ὁ αἰὼν τοῦ Κοπερνίκου» εἰς τὸ Ἐθνικὸν Μουσεῖον Ἀεροπορίας καὶ Διαστήματος, ἐπὶ τῇ συμπληρώσει 500 ἐτῶν ἀπὸ τῆς γεννήσεως τοῦ μεγάλου Πολωνοῦ ἀστρονόμου. Εἰς τὴν ἔκθεσιν περιλαμβάνονται χειρόγραφα, ὄργανα παρατηρήσεως καὶ ἀντίγραφα τῶν ἔργων του, τὰ ὁποῖα ἄλλαξαν τὴν ἀντίληψιν τοῦ ἀνθρώπου περὶ τοῦ σύμπαντος. Ἡ ἔκθεσις θὰ παραμείνῃ ἀνοικτὴ μέχρι τοῦ φθινοπώρου.

ΟΥΑΣΙΓΚΤΩΝ, 9. (Γνωμ. Τ.). — Μὲ τὴν παρουσίαν πολλῶν ἐπισήμων ἐγένοντο τὰ ἐγκαίνια τῆς ἐκθέσεως «Ὁ αἰὼν τοῦ Κοπερνίκου» εἰς τὸ Ἐθνικὸν Μουσεῖον Ἀεροπορίας καὶ Διαστήματος, ἐπὶ τῇ συμπληρώσει 500 ἐτῶν ἀπὸ τῆς γεννήσεως τοῦ μεγάλου Πολωνοῦ ἀστρονόμου. Εἰς τὴν ἔκθεσιν περιλαμβάνονται χειρόγραφα, ὄργανα παρατηρήσεως καὶ ἀντίγραφα τῶν ἔργων του, τὰ ὁποῖα ἄλλαξαν τὴν ἀντίληψιν τοῦ ἀνθρώπου περὶ τοῦ σύμπαντος. Ἡ ἔκθεσις θὰ παραμείνῃ ἀνοικτὴ μέχρι τοῦ φθινοπώρου.

ΒΕΛΤΙΟΥΤΑΙ ΕΙΣ ΤΑΣ ΗΝΩΜΕΝΑΣ ΠΟΛΙΤΕΙΑΣ Η ΠΟΙΟΤΗΣ ΤΟΥ ΑΤΜΟΣΦΑΙΡΙΚΟΥ ΑΕΡΟΣ

ΟΥΑΣΙΓΚΤΩΝ, 9. (Γνωμ. Τ.). — Ἡ Ὑπηρεσία Προστασίας Περιβάλλοντος ἀνεκοίνωσεν ὅτι ἡ ποιότης τοῦ ἀτμοσφαιρικοῦ ἀέρος εἰς τὰς μεγάλας πόλεις τῶν Ἡνωμένων Πολιτειῶν ἐβελτιώθη αἰσθητῶς κατὰ τὰ τελευταῖα ἔτη, χάρις εἰς τὰ αὐστηρὰ μέτρα τὰ ὁποῖα ἐλήφθησαν διὰ τὸν περιορισμὸν τῶν ἐκπομπῶν τῶν βιομηχανιῶν καὶ τῶν αὐτοκινήτων. Ἡ συγκέντρωσις τοῦ διοξειδίου τοῦ θείου ἐμειώθη κατὰ 25% ἀπὸ τοῦ 1970.

«ΦΟΙΤΗΤΙΚΗ ΕΒΔΟΜΑΣ» ΕΙΣ ΙΩΑΝΝΙΝΑ

ΙΩΑΝΝΙΝΑ, 9. — Ἤρχισεν εἰς Ἰωάννινα ἡ ἑορτασμὸς τῆς «Φοιτητικῆς Ἑβδομάδος», ἡ ὁποία διοργανώνεται ὑπὸ τοῦ Φοιτητικοῦ Συλλόγου τοῦ Πανεπιστημίου. Τὸ πρόγραμμα περιλαμβάνει θεατρικὰς παραστάσεις, συναυλίας, διαλέξεις, ἀθλητικοὺς ἀγῶνας καὶ ἔκθεσιν ζωγραφικῆς φοιτητῶν. Εἰς τὰς ἐκδηλώσεις θὰ μετάσχουν καὶ φοιτηταὶ ἐξ ἄλλων πανεπιστημίων τῆς χώρας, ἐνῷ ἡ λῆξις θὰ γίνῃ μὲ χορευτικὴν ἑσπερίδα.
